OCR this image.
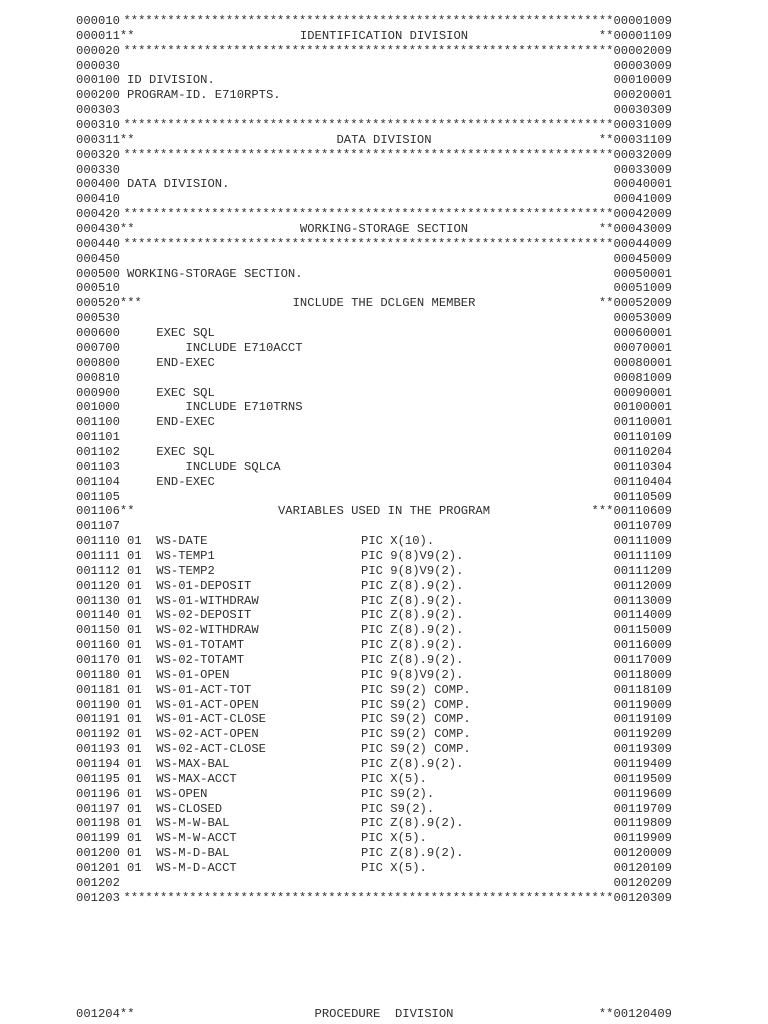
000010 *******************************************************************00001009
000011**	IDENTIFICATION DIVISION	**00001109
000020 *******************************************************************00002009
000030	00003009
000100 ID DIVISION.	00010009
000200 PROGRAM-ID. E710RPTS.	00020001
000303	00030309
000310 *******************************************************************00031009
000311**	DATA DIVISION	**00031109
000320 *******************************************************************00032009
000330	00033009
000400 DATA DIVISION.	00040001
000410	00041009
000420 *******************************************************************00042009
000430**	WORKING-STORAGE SECTION	**00043009
000440 *******************************************************************00044009
000450	00045009
000500 WORKING-STORAGE SECTION.	00050001
000510	00051009
000520***	INCLUDE THE DCLGEN MEMBER	**00052009
000530	00053009
000600 EXEC SQL	00060001
000700 INCLUDE E710ACCT	00070001
000800 END-EXEC	00080001
000810	00081009
000900 EXEC SQL	00090001
001000 INCLUDE E710TRNS	00100001
001100 END-EXEC	00110001
001101	00110109
001102 EXEC SQL	00110204
001103 INCLUDE SQLCA	00110304
001104 END-EXEC	00110404
001105	00110509
001106**	VARIABLES USED IN THE PROGRAM	***00110609
001107	00110709
001110 01  WS-DATE                     PIC X(10).	00111009
001111 01  WS-TEMP1                    PIC 9(8)V9(2).	00111109
001112 01  WS-TEMP2                    PIC 9(8)V9(2).	00111209
001120 01  WS-01-DEPOSIT               PIC Z(8).9(2).	00112009
001130 01  WS-01-WITHDRAW              PIC Z(8).9(2).	00113009
001140 01  WS-02-DEPOSIT               PIC Z(8).9(2).	00114009
001150 01  WS-02-WITHDRAW              PIC Z(8).9(2).	00115009
001160 01  WS-01-TOTAMT                PIC Z(8).9(2).	00116009
001170 01  WS-02-TOTAMT                PIC Z(8).9(2).	00117009
001180 01  WS-01-OPEN                  PIC 9(8)V9(2).	00118009
001181 01  WS-01-ACT-TOT               PIC S9(2) COMP.	00118109
001190 01  WS-01-ACT-OPEN              PIC S9(2) COMP.	00119009
001191 01  WS-01-ACT-CLOSE             PIC S9(2) COMP.	00119109
001192 01  WS-02-ACT-OPEN              PIC S9(2) COMP.	00119209
001193 01  WS-02-ACT-CLOSE             PIC S9(2) COMP.	00119309
001194 01  WS-MAX-BAL                  PIC Z(8).9(2).	00119409
001195 01  WS-MAX-ACCT                 PIC X(5).	00119509
001196 01  WS-OPEN                     PIC S9(2).	00119609
001197 01  WS-CLOSED                   PIC S9(2).	00119709
001198 01  WS-M-W-BAL                  PIC Z(8).9(2).	00119809
001199 01  WS-M-W-ACCT                 PIC X(5).	00119909
001200 01  WS-M-D-BAL                  PIC Z(8).9(2).	00120009
001201 01  WS-M-D-ACCT                 PIC X(5).	00120109
001202	00120209
001203 *******************************************************************00120309
001204**	PROCEDURE  DIVISION	**00120409
